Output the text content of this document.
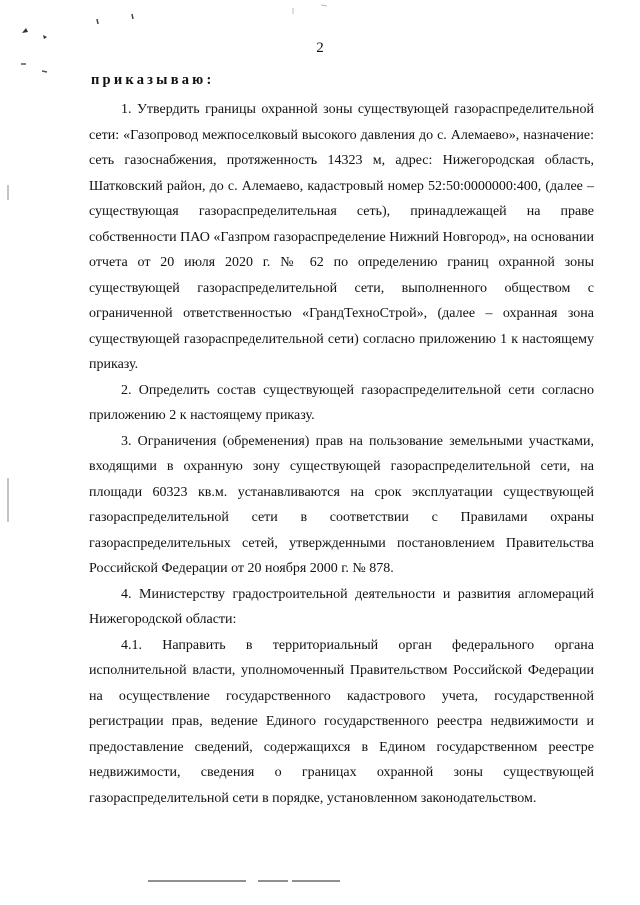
2
приказываю:

1. Утвердить границы охранной зоны существующей газораспределительной сети: «Газопровод межпоселковый высокого давления до с. Алемаево», назначение: сеть газоснабжения, протяженность 14323 м, адрес: Нижегородская область, Шатковский район, до с. Алемаево, кадастровый номер 52:50:0000000:400, (далее – существующая газораспределительная сеть), принадлежащей на праве собственности ПАО «Газпром газораспределение Нижний Новгород», на основании отчета от 20 июля 2020 г. № 62 по определению границ охранной зоны существующей газораспределительной сети, выполненного обществом с ограниченной ответственностью «ГрандТехноСтрой», (далее – охранная зона существующей газораспределительной сети) согласно приложению 1 к настоящему приказу.

2. Определить состав существующей газораспределительной сети согласно приложению 2 к настоящему приказу.

3. Ограничения (обременения) прав на пользование земельными участками, входящими в охранную зону существующей газораспределительной сети, на площади 60323 кв.м. устанавливаются на срок эксплуатации существующей газораспределительной сети в соответствии с Правилами охраны газораспределительных сетей, утвержденными постановлением Правительства Российской Федерации от 20 ноября 2000 г. № 878.

4. Министерству градостроительной деятельности и развития агломераций Нижегородской области:

4.1. Направить в территориальный орган федерального органа исполнительной власти, уполномоченный Правительством Российской Федерации на осуществление государственного кадастрового учета, государственной регистрации прав, ведение Единого государственного реестра недвижимости и предоставление сведений, содержащихся в Едином государственном реестре недвижимости, сведения о границах охранной зоны существующей газораспределительной сети в порядке, установленном законодательством.
